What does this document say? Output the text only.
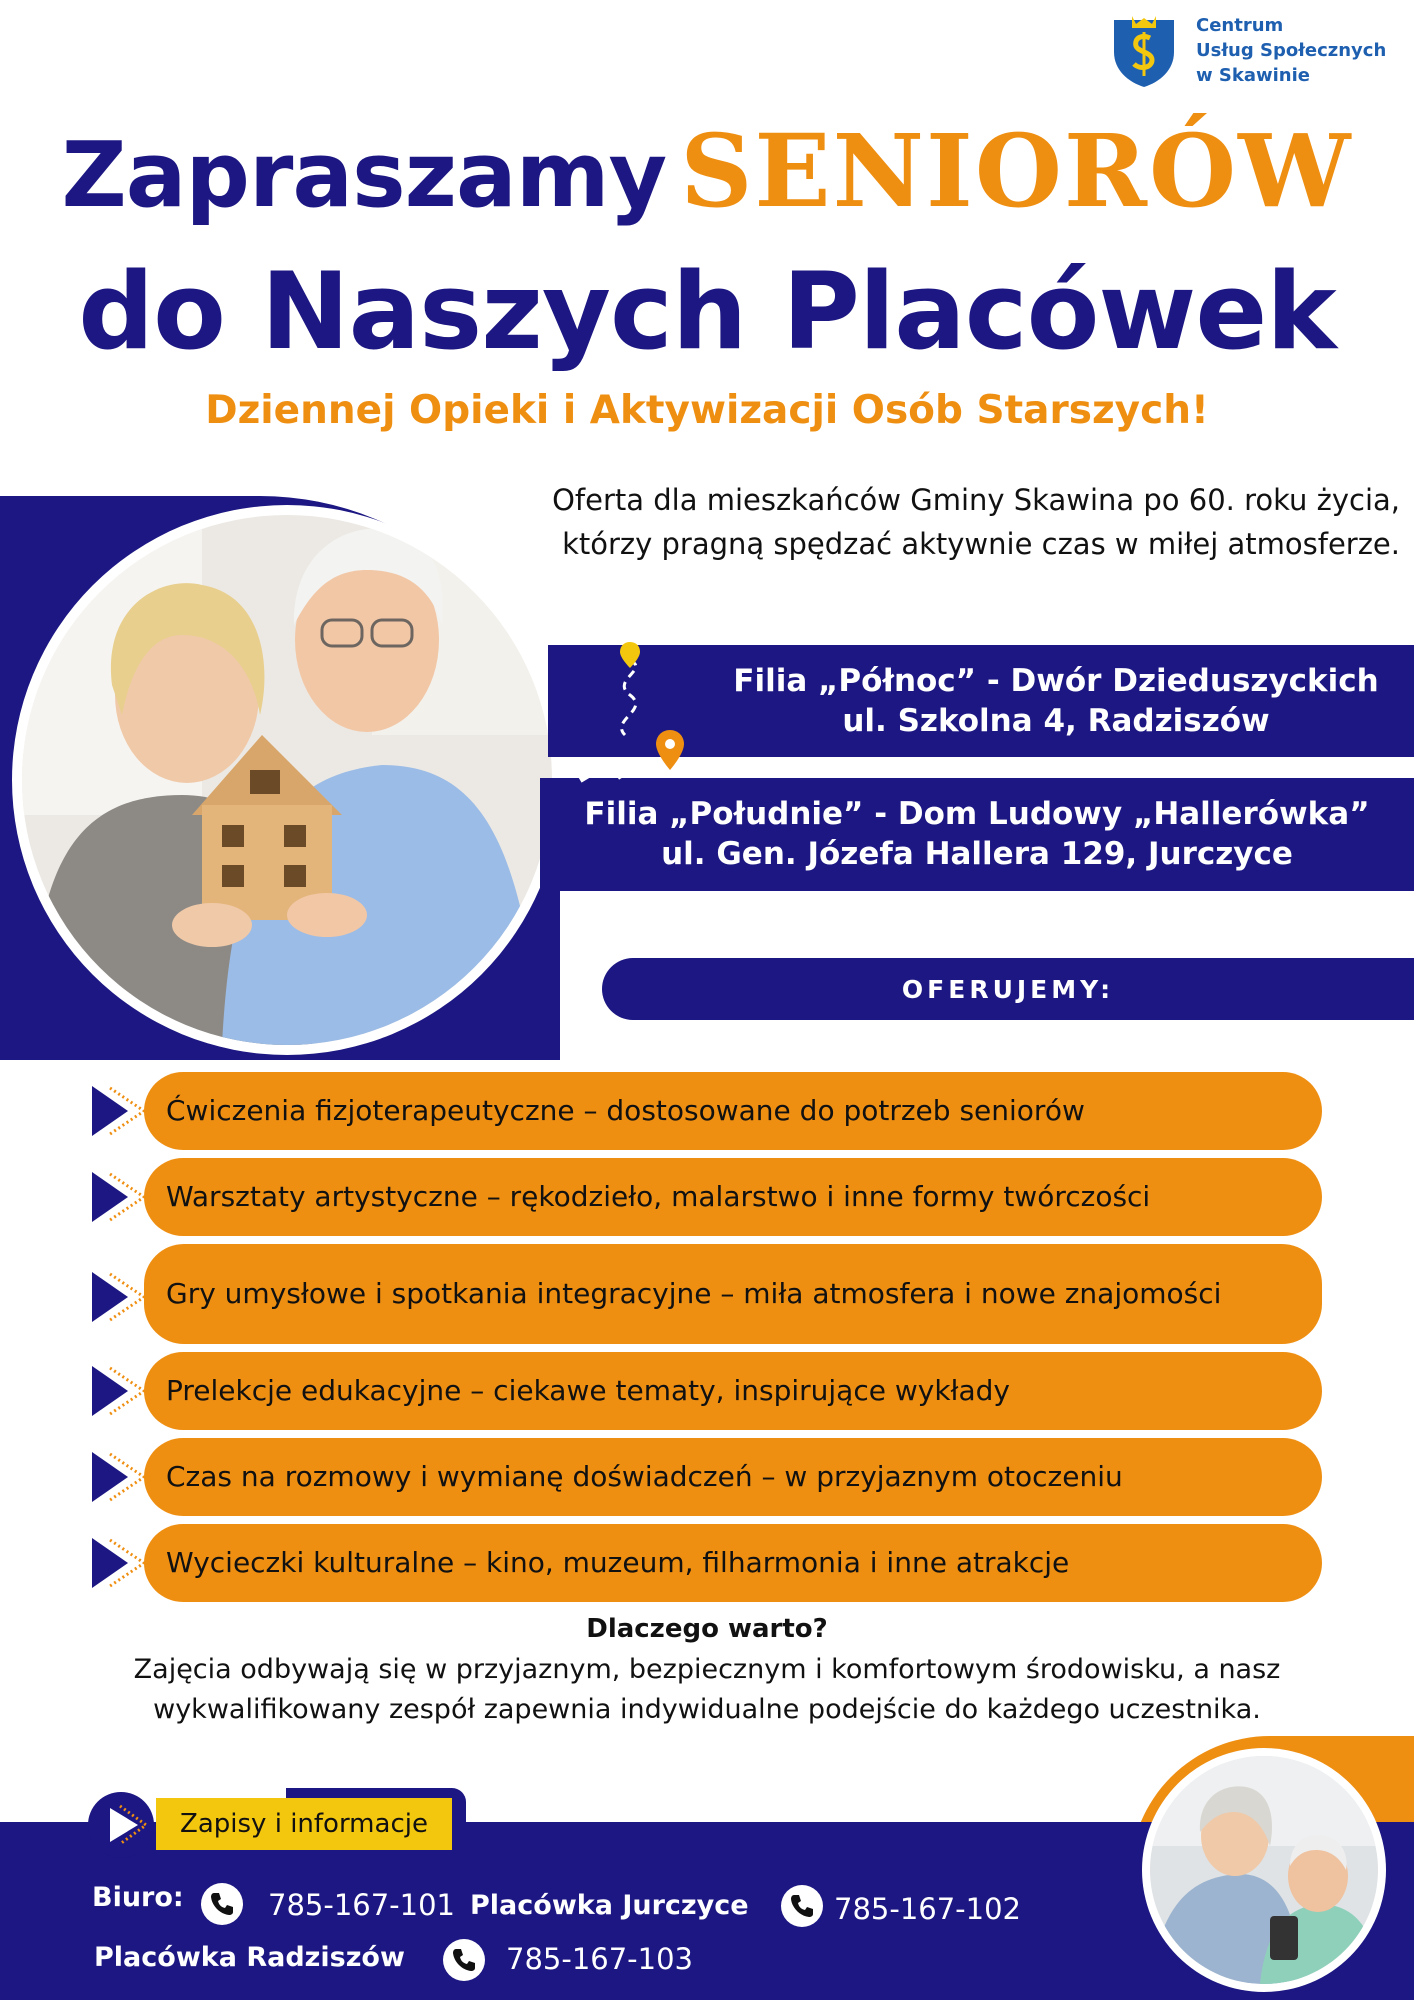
Centrum
Usług Społecznych
w Skawinie
Zapraszamy SENIORÓW
do Naszych Placówek
Dziennej Opieki i Aktywizacji Osób Starszych!
Oferta dla mieszkańców Gminy Skawina po 60. roku życia,
którzy pragną spędzać aktywnie czas w miłej atmosferze.
Filia „Północ” - Dwór Dzieduszyckich
ul. Szkolna 4, Radziszów
Filia „Południe” - Dom Ludowy „Hallerówka”
ul. Gen. Józefa Hallera 129, Jurczyce
OFERUJEMY:
Ćwiczenia fizjoterapeutyczne – dostosowane do potrzeb seniorów
Warsztaty artystyczne – rękodzieło, malarstwo i inne formy twórczości
Gry umysłowe i spotkania integracyjne – miła atmosfera i nowe znajomości
Prelekcje edukacyjne – ciekawe tematy, inspirujące wykłady
Czas na rozmowy i wymianę doświadczeń – w przyjaznym otoczeniu
Wycieczki kulturalne – kino, muzeum, filharmonia i inne atrakcje
Dlaczego warto?
Zajęcia odbywają się w przyjaznym, bezpiecznym i komfortowym środowisku, a nasz wykwalifikowany zespół zapewnia indywidualne podejście do każdego uczestnika.
Zapisy i informacje
Biuro:	785-167-101 Placówka Jurczyce	785-167-102
Placówka Radziszów	785-167-103
